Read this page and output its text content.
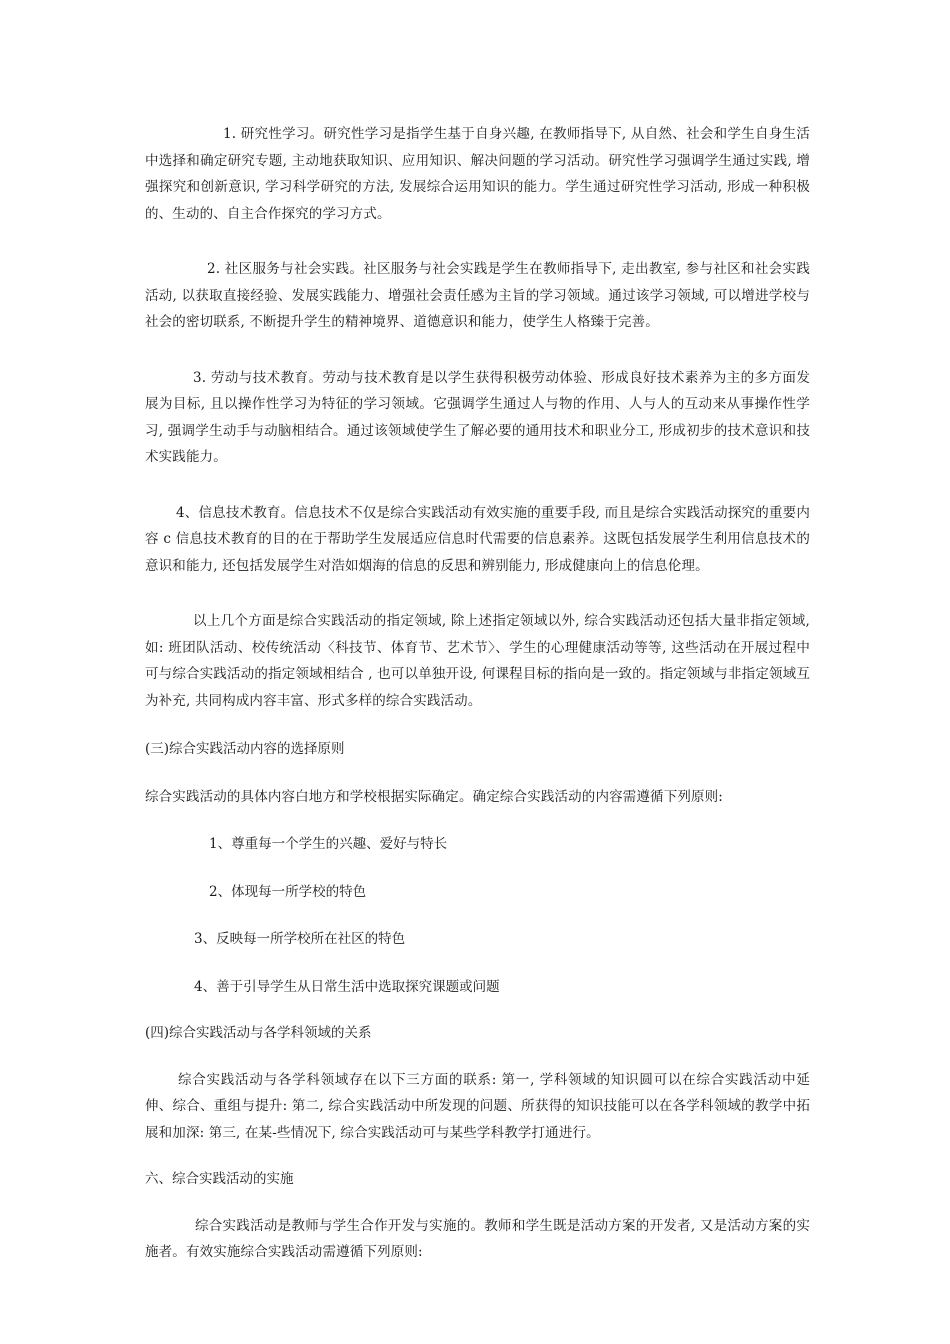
1. 研究性学习。研究性学习是指学生基于自身兴趣, 在教师指导下, 从自然、社会和学生自身生活中选择和确定研究专题, 主动地获取知识、应用知识、解决问题的学习活动。研究性学习强调学生通过实践, 增强探究和创新意识, 学习科学研究的方法, 发展综合运用知识的能力。学生通过研究性学习活动, 形成一种积极的、生动的、自主合作探究的学习方式。

2. 社区服务与社会实践。社区服务与社会实践是学生在教师指导下, 走出教室, 参与社区和社会实践活动, 以获取直接经验、发展实践能力、增强社会责任感为主旨的学习领域。通过该学习领域, 可以增进学校与社会的密切联系, 不断提升学生的精神境界、道德意识和能力，使学生人格臻于完善。

3. 劳动与技术教育。劳动与技术教育是以学生获得积极劳动体验、形成良好技术素养为主的多方面发展为目标, 且以操作性学习为特征的学习领域。它强调学生通过人与物的作用、人与人的互动来从事操作性学习, 强调学生动手与动脑相结合。通过该领域使学生了解必要的通用技术和职业分工, 形成初步的技术意识和技术实践能力。

4、信息技术教育。信息技术不仅是综合实践活动有效实施的重要手段, 而且是综合实践活动探究的重要内容 c 信息技术教育的目的在于帮助学生发展适应信息时代需要的信息素养。这既包括发展学生利用信息技术的意识和能力, 还包括发展学生对浩如烟海的信息的反思和辨别能力, 形成健康向上的信息伦理。

以上几个方面是综合实践活动的指定领域, 除上述指定领域以外, 综合实践活动还包括大量非指定领域, 如: 班团队活动、校传统活动〈科技节、体育节、艺术节〉、学生的心理健康活动等等, 这些活动在开展过程中可与综合实践活动的指定领域相结合 , 也可以单独开设, 何课程目标的指向是一致的。指定领域与非指定领域互为补充, 共同构成内容丰富、形式多样的综合实践活动。

(三)综合实践活动内容的选择原则

综合实践活动的具体内容白地方和学校根据实际确定。确定综合实践活动的内容需遵循下列原则:

1、尊重每一个学生的兴趣、爱好与特长

2、体现每一所学校的特色

3、反映每一所学校所在社区的特色

4、善于引导学生从日常生活中选取探究课题或问题

(四)综合实践活动与各学科领域的关系

综合实践活动与各学科领域存在以下三方面的联系: 第一, 学科领域的知识圆可以在综合实践活动中延伸、综合、重组与提升: 第二, 综合实践活动中所发现的问题、所获得的知识技能可以在各学科领域的教学中拓展和加深: 第三, 在某-些情况下, 综合实践活动可与某些学科教学打通进行。

六、综合实践活动的实施

综合实践活动是教师与学生合作开发与实施的。教师和学生既是活动方案的开发者, 又是活动方案的实施者。有效实施综合实践活动需遵循下列原则:
